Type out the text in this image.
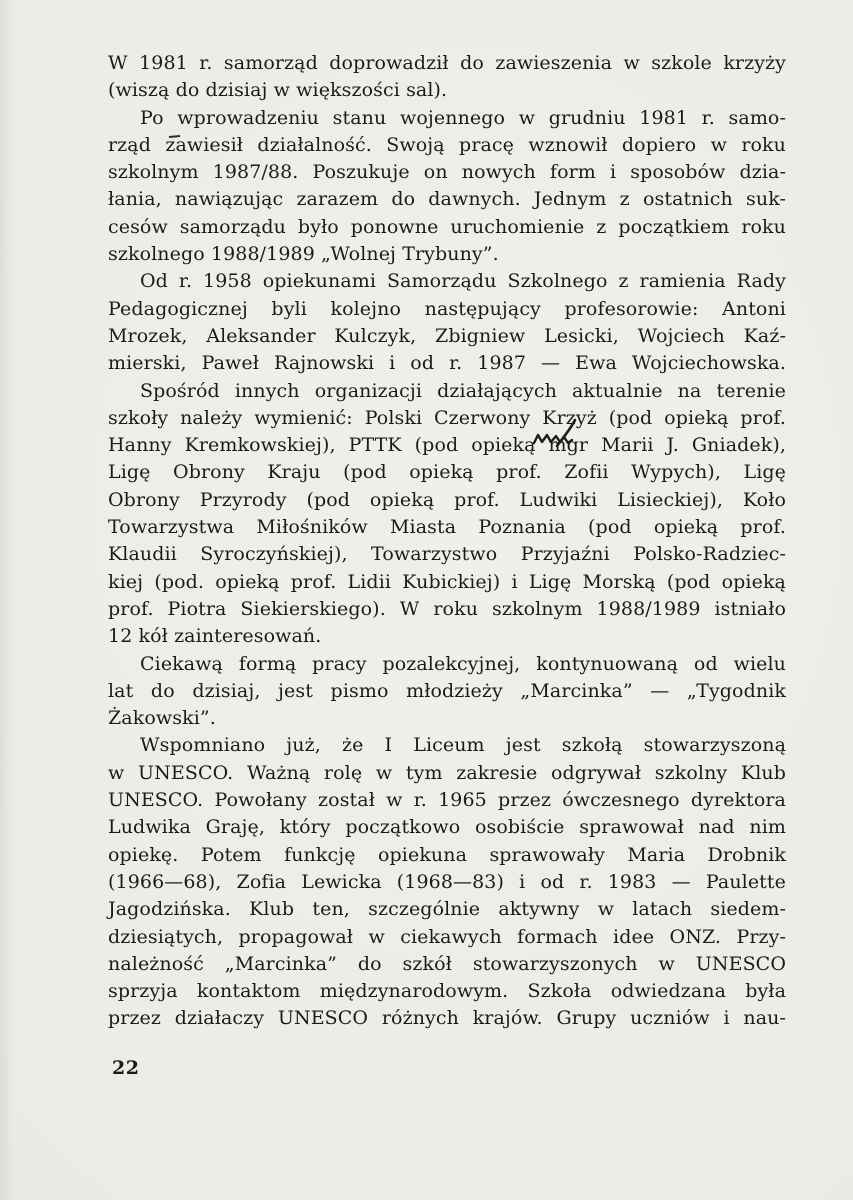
W 1981 r. samorząd doprowadził do zawieszenia w szkole krzyży
(wiszą do dzisiaj w większości sal).
Po wprowadzeniu stanu wojennego w grudniu 1981 r. samo-
rząd zawiesił działalność. Swoją pracę wznowił dopiero w roku
szkolnym 1987/88. Poszukuje on nowych form i sposobów dzia-
łania, nawiązując zarazem do dawnych. Jednym z ostatnich suk-
cesów samorządu było ponowne uruchomienie z początkiem roku
szkolnego 1988/1989 „Wolnej Trybuny”.
Od r. 1958 opiekunami Samorządu Szkolnego z ramienia Rady
Pedagogicznej byli kolejno następujący profesorowie: Antoni
Mrozek, Aleksander Kulczyk, Zbigniew Lesicki, Wojciech Kaź-
mierski, Paweł Rajnowski i od r. 1987 — Ewa Wojciechowska.
Spośród innych organizacji działających aktualnie na terenie
szkoły należy wymienić: Polski Czerwony Krzyż (pod opieką prof.
Hanny Kremkowskiej), PTTK (pod opieką mgr Marii J. Gniadek),
Ligę Obrony Kraju (pod opieką prof. Zofii Wypych), Ligę
Obrony Przyrody (pod opieką prof. Ludwiki Lisieckiej), Koło
Towarzystwa Miłośników Miasta Poznania (pod opieką prof.
Klaudii Syroczyńskiej), Towarzystwo Przyjaźni Polsko-Radziec-
kiej (pod. opieką prof. Lidii Kubickiej) i Ligę Morską (pod opieką
prof. Piotra Siekierskiego). W roku szkolnym 1988/1989 istniało
12 kół zainteresowań.
Ciekawą formą pracy pozalekcyjnej, kontynuowaną od wielu
lat do dzisiaj, jest pismo młodzieży „Marcinka” — „Tygodnik
Żakowski”.
Wspomniano już, że I Liceum jest szkołą stowarzyszoną
w UNESCO. Ważną rolę w tym zakresie odgrywał szkolny Klub
UNESCO. Powołany został w r. 1965 przez ówczesnego dyrektora
Ludwika Graję, który początkowo osobiście sprawował nad nim
opiekę. Potem funkcję opiekuna sprawowały Maria Drobnik
(1966—68), Zofia Lewicka (1968—83) i od r. 1983 — Paulette
Jagodzińska. Klub ten, szczególnie aktywny w latach siedem-
dziesiątych, propagował w ciekawych formach idee ONZ. Przy-
należność „Marcinka” do szkół stowarzyszonych w UNESCO
sprzyja kontaktom międzynarodowym. Szkoła odwiedzana była
przez działaczy UNESCO różnych krajów. Grupy uczniów i nau-
22
